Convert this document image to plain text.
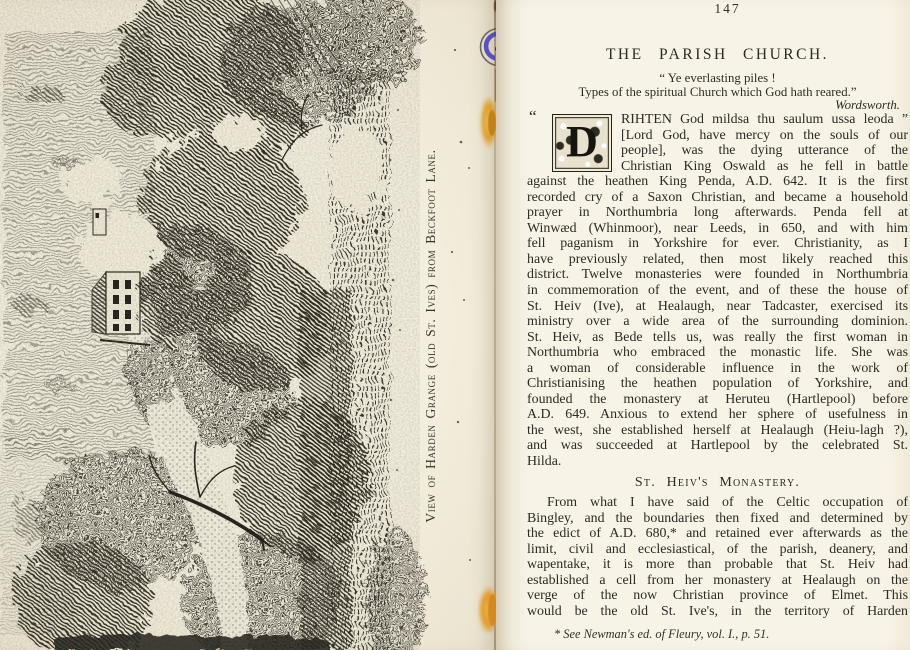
View of Harden Grange (old St. Ives) from Beckfoot Lane.
147
THE PARISH CHURCH.
“ Ye everlasting piles !
Types of the spiritual Church which God hath reared.”
Wordsworth.
“
D	RIHTEN God mildsa thu saulum ussa leoda ”
[Lord God, have mercy on the souls of our
people], was the dying utterance of the
Christian King Oswald as he fell in battle
against the heathen King Penda, A.D. 642. It is the first
recorded cry of a Saxon Christian, and became a household
prayer in Northumbria long afterwards. Penda fell at
Winwæd (Whinmoor), near Leeds, in 650, and with him
fell paganism in Yorkshire for ever. Christianity, as I
have previously related, then most likely reached this
district. Twelve monasteries were founded in Northumbria
in commemoration of the event, and of these the house of
St. Heiv (Ive), at Healaugh, near Tadcaster, exercised its
ministry over a wide area of the surrounding dominion.
St. Heiv, as Bede tells us, was really the first woman in
Northumbria who embraced the monastic life. She was
a woman of considerable influence in the work of
Christianising the heathen population of Yorkshire, and
founded the monastery at Heruteu (Hartlepool) before
A.D. 649. Anxious to extend her sphere of usefulness in
the west, she established herself at Healaugh (Heiu-lagh ?),
and was succeeded at Hartlepool by the celebrated St.
Hilda.
St. Heiv's Monastery.
From what I have said of the Celtic occupation of
Bingley, and the boundaries then fixed and determined by
the edict of A.D. 680,* and retained ever afterwards as the
limit, civil and ecclesiastical, of the parish, deanery, and
wapentake, it is more than probable that St. Heiv had
established a cell from her monastery at Healaugh on the
verge of the now Christian province of Elmet. This
would be the old St. Ive's, in the territory of Harden
* See Newman's ed. of Fleury, vol. I., p. 51.
